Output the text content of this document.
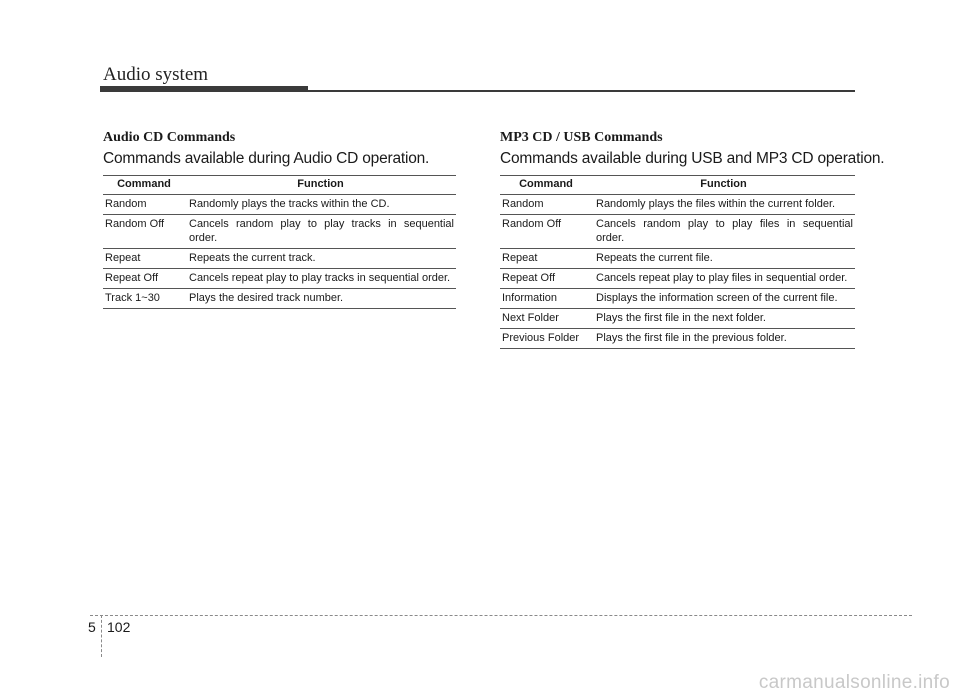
Audio system
Audio CD Commands

Commands available during Audio CD operation.

Command	Function
Random	Randomly plays the tracks within the CD.
Random Off	Cancels random play to play tracks in sequential order.
Repeat	Repeats the current track.
Repeat Off	Cancels repeat play to play tracks in sequential order.
Track 1~30	Plays the desired track number.
MP3 CD / USB Commands

Commands available during USB and MP3 CD operation.

Command	Function
Random	Randomly plays the files within the current folder.
Random Off	Cancels random play to play files in sequential order.
Repeat	Repeats the current file.
Repeat Off	Cancels repeat play to play files in sequential order.
Information	Displays the information screen of the current file.
Next Folder	Plays the first file in the next folder.
Previous Folder	Plays the first file in the previous folder.
5 102
carmanualsonline.info
